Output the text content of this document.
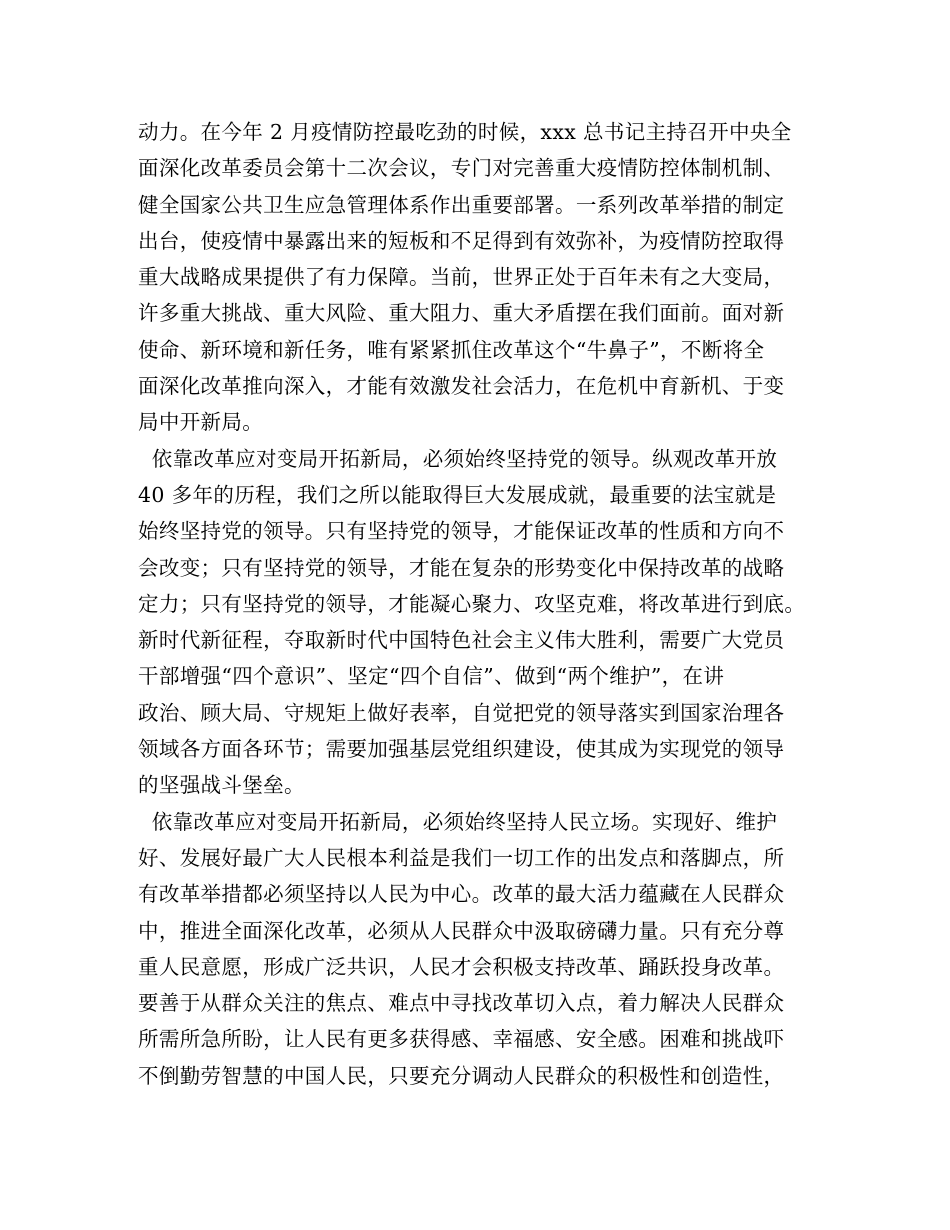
动力。在今年 2 月疫情防控最吃劲的时候，xxx 总书记主持召开中央全
面深化改革委员会第十二次会议，专门对完善重大疫情防控体制机制、
健全国家公共卫生应急管理体系作出重要部署。一系列改革举措的制定
出台，使疫情中暴露出来的短板和不足得到有效弥补，为疫情防控取得
重大战略成果提供了有力保障。当前，世界正处于百年未有之大变局，
许多重大挑战、重大风险、重大阻力、重大矛盾摆在我们面前。面对新
使命、新环境和新任务，唯有紧紧抓住改革这个“牛鼻子”，不断将全
面深化改革推向深入，才能有效激发社会活力，在危机中育新机、于变
局中开新局。
依靠改革应对变局开拓新局，必须始终坚持党的领导。纵观改革开放
40 多年的历程，我们之所以能取得巨大发展成就，最重要的法宝就是
始终坚持党的领导。只有坚持党的领导，才能保证改革的性质和方向不
会改变；只有坚持党的领导，才能在复杂的形势变化中保持改革的战略
定力；只有坚持党的领导，才能凝心聚力、攻坚克难，将改革进行到底。
新时代新征程，夺取新时代中国特色社会主义伟大胜利，需要广大党员
干部增强“四个意识”、坚定“四个自信”、做到“两个维护”，在讲
政治、顾大局、守规矩上做好表率，自觉把党的领导落实到国家治理各
领域各方面各环节；需要加强基层党组织建设，使其成为实现党的领导
的坚强战斗堡垒。
依靠改革应对变局开拓新局，必须始终坚持人民立场。实现好、维护
好、发展好最广大人民根本利益是我们一切工作的出发点和落脚点，所
有改革举措都必须坚持以人民为中心。改革的最大活力蕴藏在人民群众
中，推进全面深化改革，必须从人民群众中汲取磅礴力量。只有充分尊
重人民意愿，形成广泛共识，人民才会积极支持改革、踊跃投身改革。
要善于从群众关注的焦点、难点中寻找改革切入点，着力解决人民群众
所需所急所盼，让人民有更多获得感、幸福感、安全感。困难和挑战吓
不倒勤劳智慧的中国人民，只要充分调动人民群众的积极性和创造性，
